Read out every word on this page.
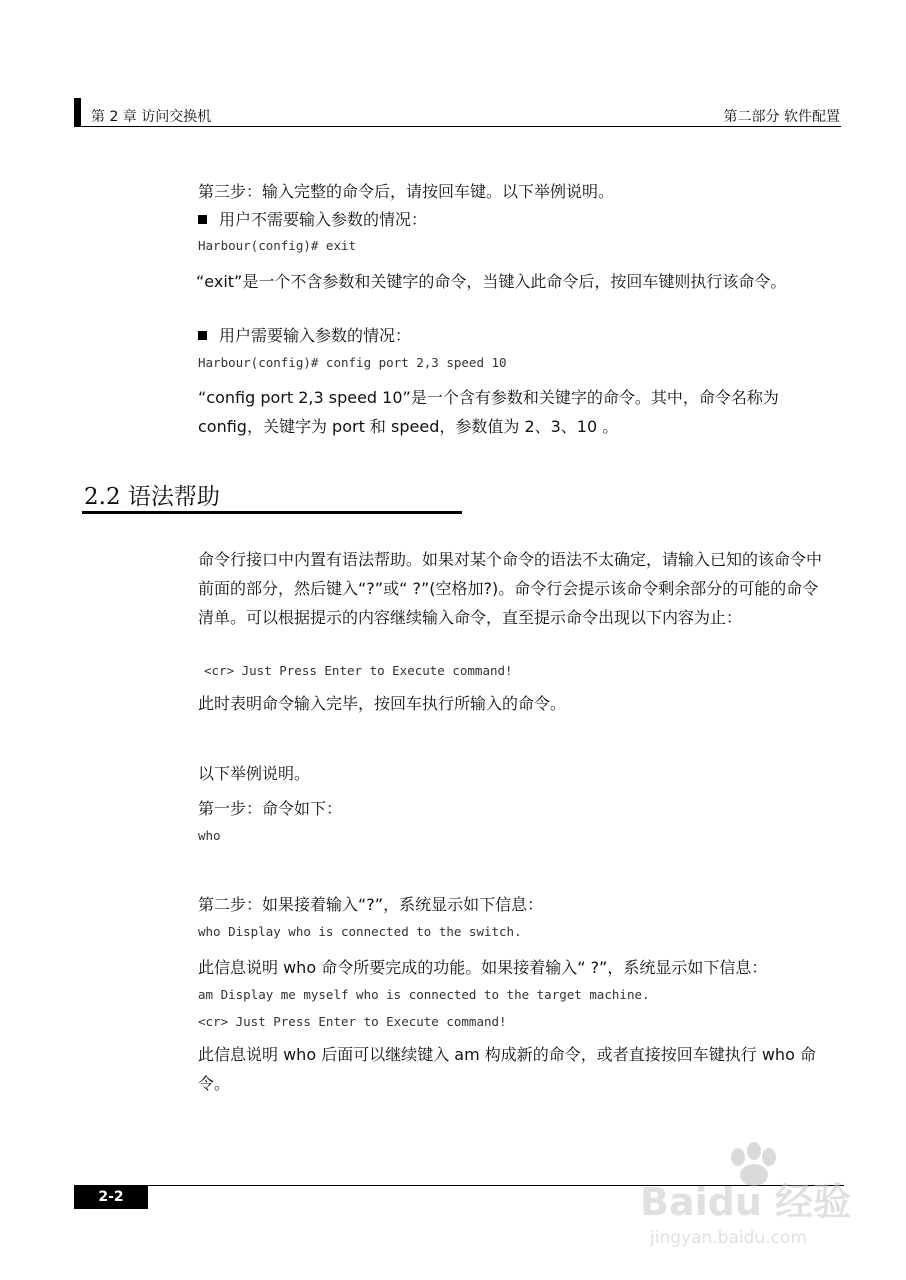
第 2 章 访问交换机	第二部分 软件配置
第三步：输入完整的命令后，请按回车键。以下举例说明。
用户不需要输入参数的情况：
Harbour(config)# exit
“exit”是一个不含参数和关键字的命令，当键入此命令后，按回车键则执行该命令。
用户需要输入参数的情况：
Harbour(config)# config port 2,3 speed 10
“config port 2,3 speed 10”是一个含有参数和关键字的命令。其中，命令名称为 config，关键字为 port 和 speed，参数值为 2、3、10 。
2.2 语法帮助
命令行接口中内置有语法帮助。如果对某个命令的语法不太确定，请输入已知的该命令中前面的部分，然后键入“?”或“ ?”(空格加?)。命令行会提示该命令剩余部分的可能的命令清单。可以根据提示的内容继续输入命令，直至提示命令出现以下内容为止：
<cr> Just Press Enter to Execute command!
此时表明命令输入完毕，按回车执行所输入的命令。
以下举例说明。
第一步：命令如下：
who
第二步：如果接着输入“?”，系统显示如下信息：
who Display who is connected to the switch.
此信息说明 who 命令所要完成的功能。如果接着输入“ ?”，系统显示如下信息：
am Display me myself who is connected to the target machine.
<cr> Just Press Enter to Execute command!
此信息说明 who 后面可以继续键入 am 构成新的命令，或者直接按回车键执行 who 命令。
2-2	Baidu 经验
jingyan.baidu.com
